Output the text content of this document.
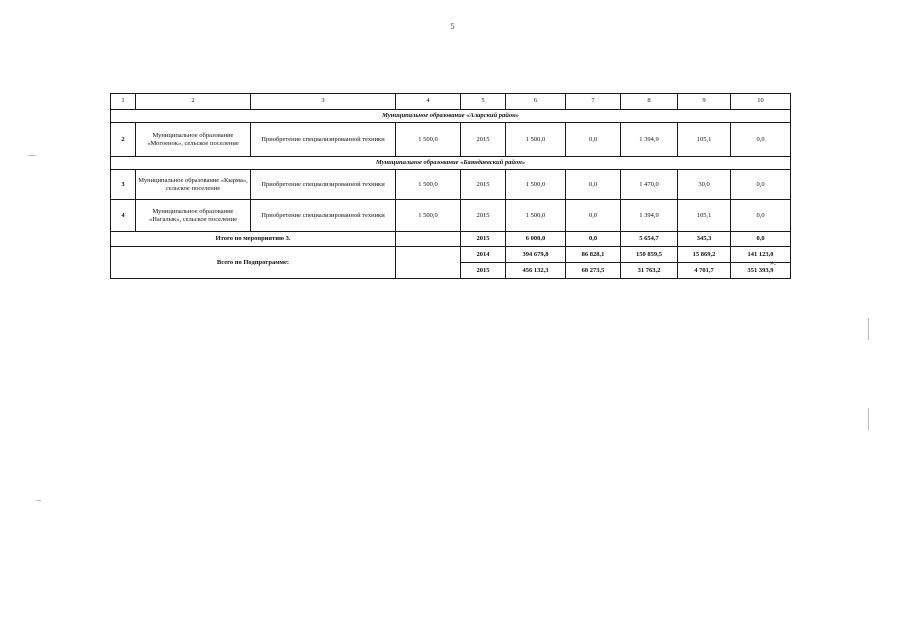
5
1	2	3	4	5	6	7	8	9	10
Муниципальное образование «Аларский район»									
2	Муниципальное образование «Могоенок», сельское поселение	Приобретение специализированной техники	1 500,0	2015	1 500,0	0,0	1 394,9	105,1	0,0
Муниципальное образование «Баяндаевский район»									
3	Муниципальное образование «Кырма», сельское поселение	Приобретение специализированной техники	1 500,0	2015	1 500,0	0,0	1 470,0	30,0	0,0
4	Муниципальное образование «Нагалык», сельское поселение	Приобретение специализированной техники	1 500,0	2015	1 500,0	0,0	1 394,9	105,1	0,0
Итого по мероприятию 3.				2015	6 000,0	0,0	5 654,7	345,3	0,0
Всего по Подпрограмме:				2014	394 679,8	86 828,1	150 859,5	15 869,2	141 123,0
				2015	456 132,3	68 273,5	31 763,2	4 701,7	351 393,9
».
